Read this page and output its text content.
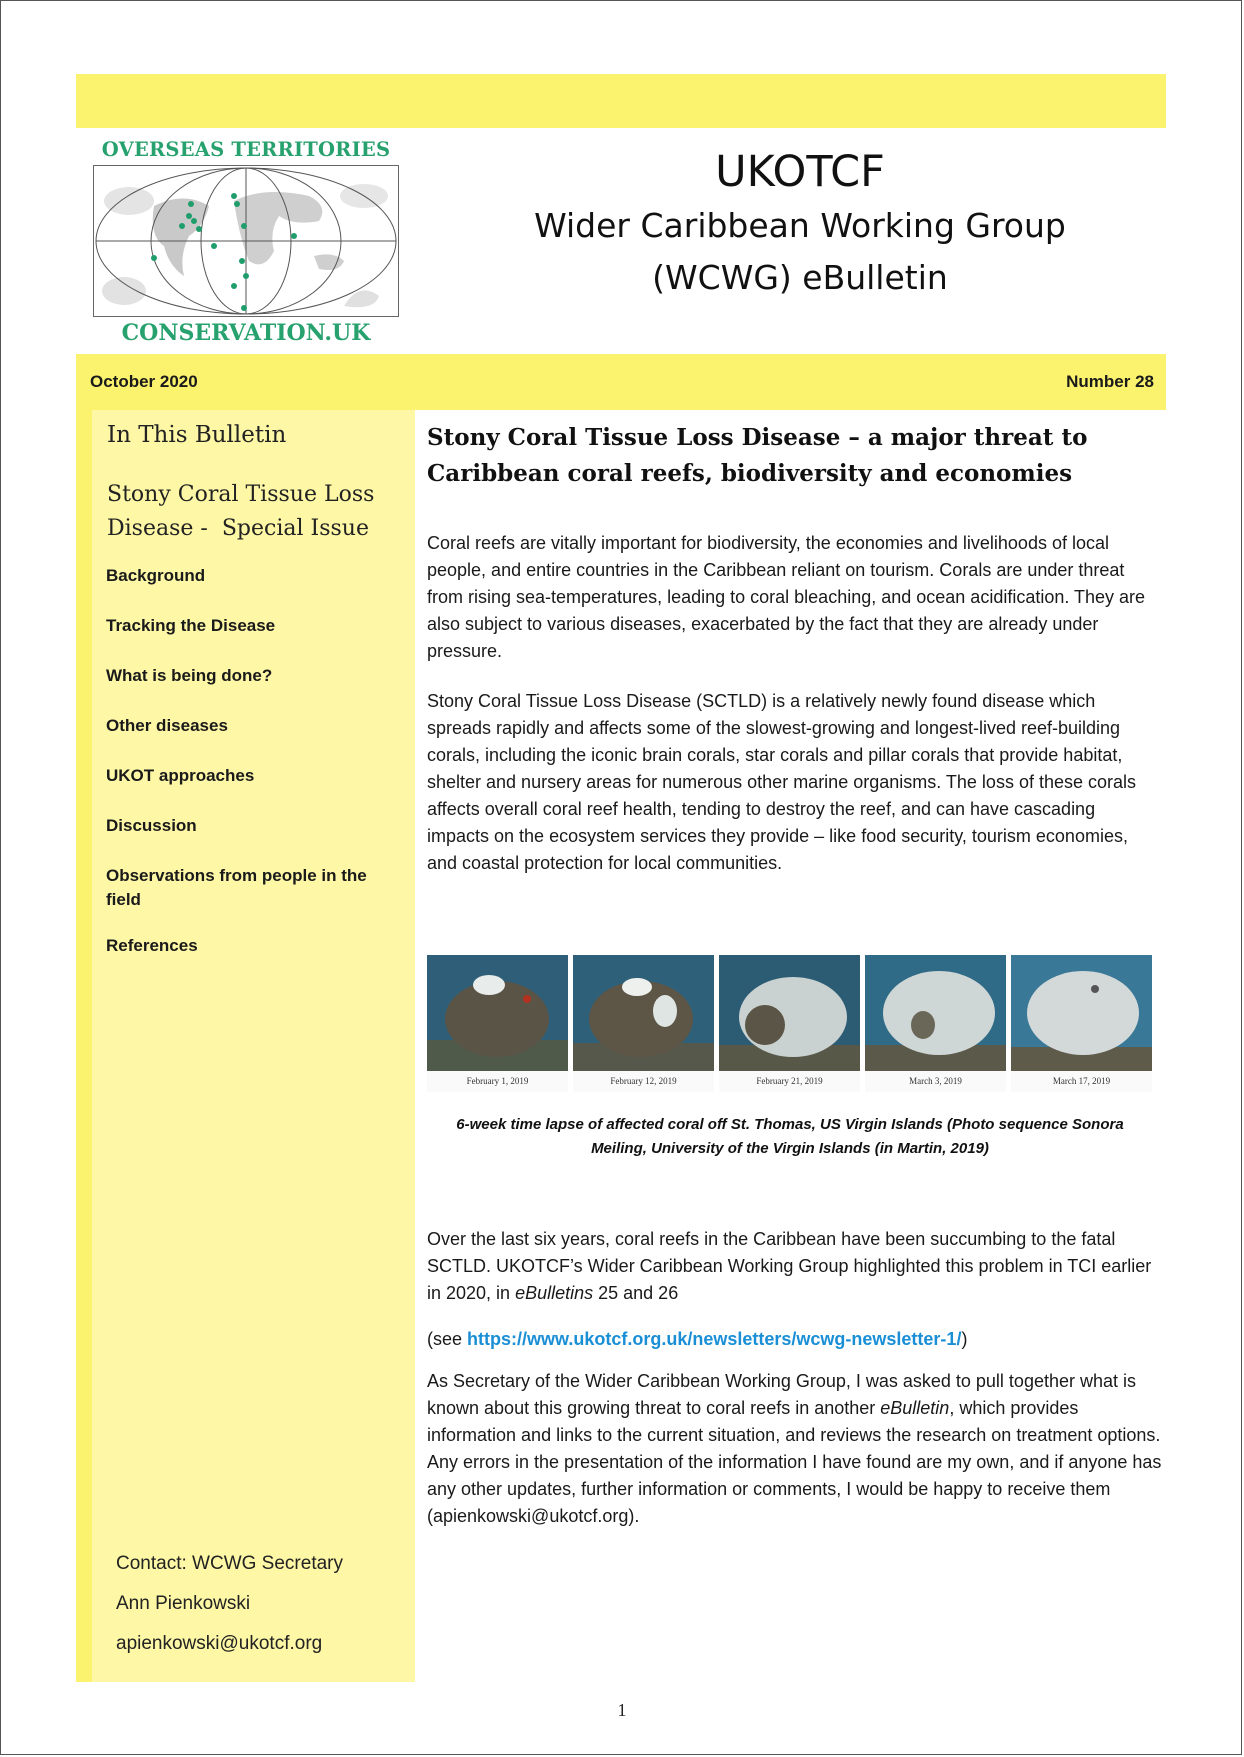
OVERSEAS TERRITORIES
CONSERVATION.UK
UKOTCF
Wider Caribbean Working Group
(WCWG) eBulletin
October 2020	Number 28
In This Bulletin
Stony Coral Tissue Loss
Disease -  Special Issue
Background
Tracking the Disease
What is being done?
Other diseases
UKOT approaches
Discussion
Observations from people in the field
References
Contact: WCWG Secretary
Ann Pienkowski
apienkowski@ukotcf.org
Stony Coral Tissue Loss Disease – a major threat to Caribbean coral reefs, biodiversity and economies

Coral reefs are vitally important for biodiversity, the economies and livelihoods of local people, and entire countries in the Caribbean reliant on tourism. Corals are under threat from rising sea-temperatures, leading to coral bleaching, and ocean acidification. They are also subject to various diseases, exacerbated by the fact that they are already under pressure.

Stony Coral Tissue Loss Disease (SCTLD) is a relatively newly found disease which spreads rapidly and affects some of the slowest-growing and longest-lived reef-building corals, including the iconic brain corals, star corals and pillar corals that provide habitat, shelter and nursery areas for numerous other marine organisms. The loss of these corals affects overall coral reef health, tending to destroy the reef, and can have cascading impacts on the ecosystem services they provide – like food security, tourism economies, and coastal protection for local communities.

February 1, 2019	February 12, 2019	February 21, 2019	March 3, 2019	March 17, 2019
6-week time lapse of affected coral off St. Thomas, US Virgin Islands (Photo sequence Sonora Meiling, University of the Virgin Islands (in Martin, 2019)

Over the last six years, coral reefs in the Caribbean have been succumbing to the fatal SCTLD. UKOTCF’s Wider Caribbean Working Group highlighted this problem in TCI earlier in 2020, in eBulletins 25 and 26

(see https://www.ukotcf.org.uk/newsletters/wcwg-newsletter-1/)

As Secretary of the Wider Caribbean Working Group, I was asked to pull together what is known about this growing threat to coral reefs in another eBulletin, which provides information and links to the current situation, and reviews the research on treatment options. Any errors in the presentation of the information I have found are my own, and if anyone has any other updates, further information or comments, I would be happy to receive them (apienkowski@ukotcf.org).

1
